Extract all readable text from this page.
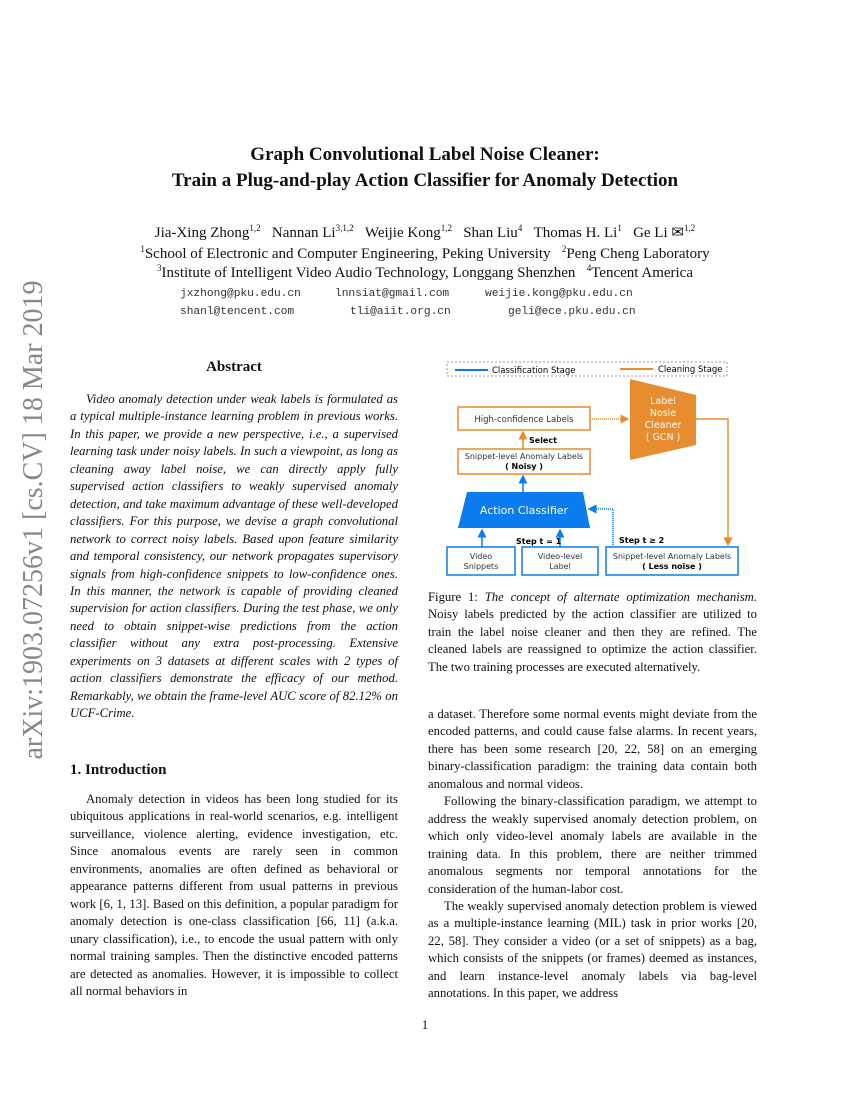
arXiv:1903.07256v1 [cs.CV] 18 Mar 2019
Graph Convolutional Label Noise Cleaner:
Train a Plug-and-play Action Classifier for Anomaly Detection
Jia-Xing Zhong$^{1,2}$ Nannan Li$^{3,1,2}$ Weijie Kong$^{1,2}$ Shan Liu$^4$ Thomas H. Li$^1$ Ge Li ✉$^{1,2}$
$^1$School of Electronic and Computer Engineering, Peking University $^2$Peng Cheng Laboratory
$^3$Institute of Intelligent Video Audio Technology, Longgang Shenzhen $^4$Tencent America
jxzhong@pku.edu.cn	lnnsiat@gmail.com	weijie.kong@pku.edu.cn
shanl@tencent.com	tli@aiit.org.cn	geli@ece.pku.edu.cn
Abstract

Video anomaly detection under weak labels is formulated as a typical multiple-instance learning problem in previous works. In this paper, we provide a new perspective, i.e., a supervised learning task under noisy labels. In such a viewpoint, as long as cleaning away label noise, we can directly apply fully supervised action classifiers to weakly supervised anomaly detection, and take maximum advantage of these well-developed classifiers. For this purpose, we devise a graph convolutional network to correct noisy labels. Based upon feature similarity and temporal consistency, our network propagates supervisory signals from high-confidence snippets to low-confidence ones. In this manner, the network is capable of providing cleaned supervision for action classifiers. During the test phase, we only need to obtain snippet-wise predictions from the action classifier without any extra post-processing. Extensive experiments on 3 datasets at different scales with 2 types of action classifiers demonstrate the efficacy of our method. Remarkably, we obtain the frame-level AUC score of 82.12% on UCF-Crime.

1. Introduction

Anomaly detection in videos has been long studied for its ubiquitous applications in real-world scenarios, e.g. intelligent surveillance, violence alerting, evidence investigation, etc. Since anomalous events are rarely seen in common environments, anomalies are often defined as behavioral or appearance patterns different from usual patterns in previous work [6, 1, 13]. Based on this definition, a popular paradigm for anomaly detection is one-class classification [66, 11] (a.k.a. unary classification), i.e., to encode the usual pattern with only normal training samples. Then the distinctive encoded patterns are detected as anomalies. However, it is impossible to collect all normal behaviors in

Classification Stage	Cleaning Stage
High-confidence Labels
Label
Nosie
Cleaner
( GCN )
Select
Snippet-level Anomaly Labels
( Noisy )
Action Classifier
Step t = 1	Step t ≥ 2
Video
Snippets
Video-level
Label
Snippet-level Anomaly Labels
( Less noise )

Figure 1: The concept of alternate optimization mechanism. Noisy labels predicted by the action classifier are utilized to train the label noise cleaner and then they are refined. The cleaned labels are reassigned to optimize the action classifier. The two training processes are executed alternatively.

a dataset. Therefore some normal events might deviate from the encoded patterns, and could cause false alarms. In recent years, there has been some research [20, 22, 58] on an emerging binary-classification paradigm: the training data contain both anomalous and normal videos.

Following the binary-classification paradigm, we attempt to address the weakly supervised anomaly detection problem, on which only video-level anomaly labels are available in the training data. In this problem, there are neither trimmed anomalous segments nor temporal annotations for the consideration of the human-labor cost.

The weakly supervised anomaly detection problem is viewed as a multiple-instance learning (MIL) task in prior works [20, 22, 58]. They consider a video (or a set of snippets) as a bag, which consists of the snippets (or frames) deemed as instances, and learn instance-level anomaly labels via bag-level annotations. In this paper, we address

1
